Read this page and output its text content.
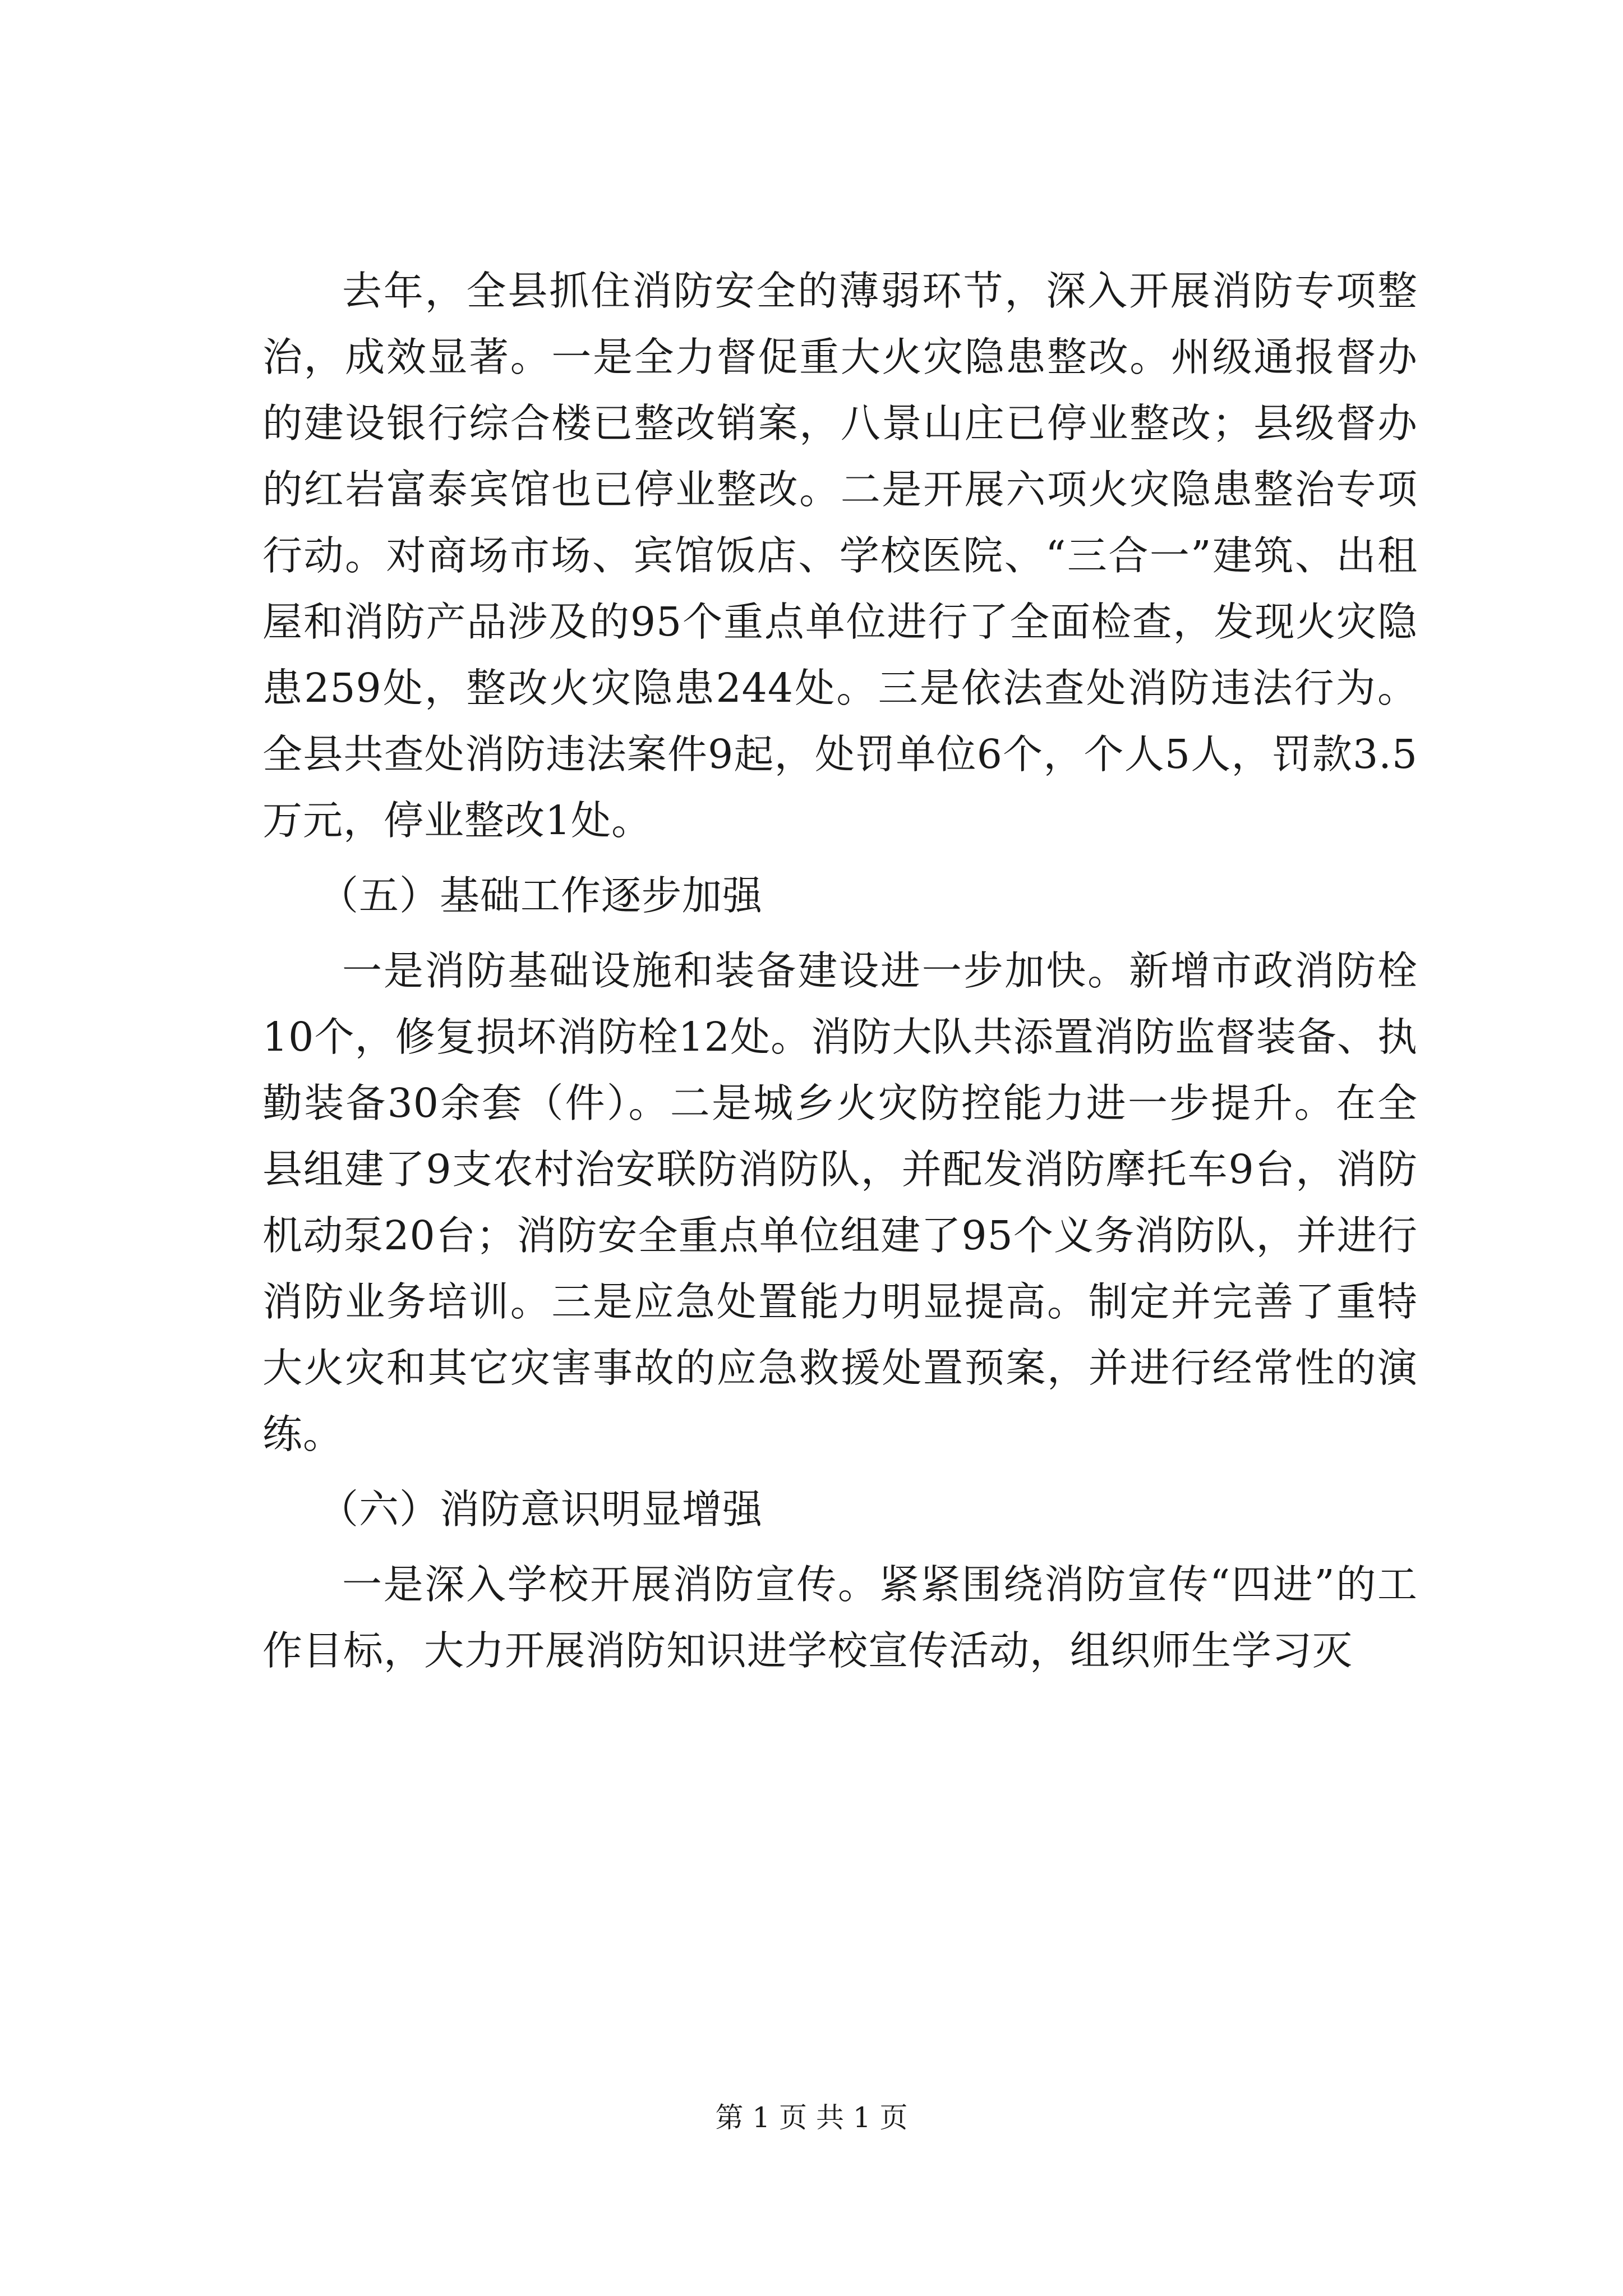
去年，全县抓住消防安全的薄弱环节，深入开展消防专项整治，成效显著。一是全力督促重大火灾隐患整改。州级通报督办的建设银行综合楼已整改销案，八景山庄已停业整改；县级督办的红岩富泰宾馆也已停业整改。二是开展六项火灾隐患整治专项行动。对商场市场、宾馆饭店、学校医院、“三合一”建筑、出租屋和消防产品涉及的95个重点单位进行了全面检查，发现火灾隐患259处，整改火灾隐患244处。三是依法查处消防违法行为。全县共查处消防违法案件9起，处罚单位6个，个人5人，罚款3.5万元，停业整改1处。

（五）基础工作逐步加强

一是消防基础设施和装备建设进一步加快。新增市政消防栓10个，修复损坏消防栓12处。消防大队共添置消防监督装备、执勤装备30余套（件）。二是城乡火灾防控能力进一步提升。在全县组建了9支农村治安联防消防队，并配发消防摩托车9台，消防机动泵20台；消防安全重点单位组建了95个义务消防队，并进行消防业务培训。三是应急处置能力明显提高。制定并完善了重特大火灾和其它灾害事故的应急救援处置预案，并进行经常性的演练。

（六）消防意识明显增强

一是深入学校开展消防宣传。紧紧围绕消防宣传“四进”的工作目标，大力开展消防知识进学校宣传活动，组织师生学习灭

第 1 页 共 1 页
